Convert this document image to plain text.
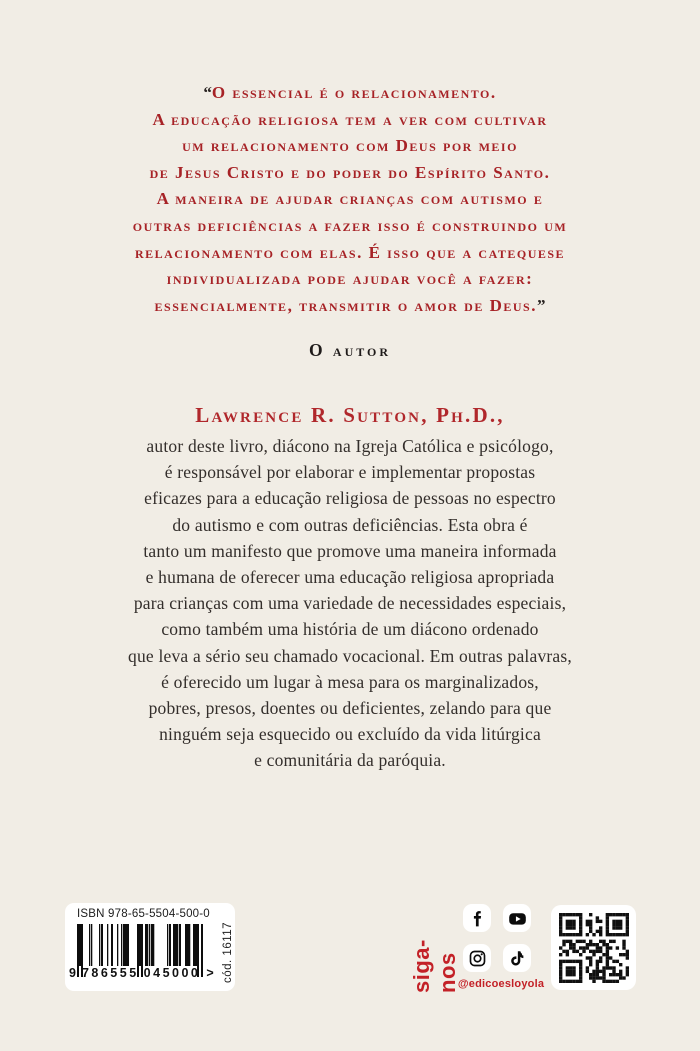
“O essencial é o relacionamento.
A educação religiosa tem a ver com cultivar
um relacionamento com Deus por meio
de Jesus Cristo e do poder do Espírito Santo.
A maneira de ajudar crianças com autismo e
outras deficiências a fazer isso é construindo um
relacionamento com elas. É isso que a catequese
individualizada pode ajudar você a fazer:
essencialmente, transmitir o amor de Deus.”
O autor
Lawrence R. Sutton, Ph.D.,
autor deste livro, diácono na Igreja Católica e psicólogo,
é responsável por elaborar e implementar propostas
eficazes para a educação religiosa de pessoas no espectro
do autismo e com outras deficiências. Esta obra é
tanto um manifesto que promove uma maneira informada
e humana de oferecer uma educação religiosa apropriada
para crianças com uma variedade de necessidades especiais,
como também uma história de um diácono ordenado
que leva a sério seu chamado vocacional. Em outras palavras,
é oferecido um lugar à mesa para os marginalizados,
pobres, presos, doentes ou deficientes, zelando para que
ninguém seja esquecido ou excluído da vida litúrgica
e comunitária da paróquia.
ISBN 978-65-5504-500-0
9 786555 045000 > cód. 16117	siga-nos
@edicoesloyola
